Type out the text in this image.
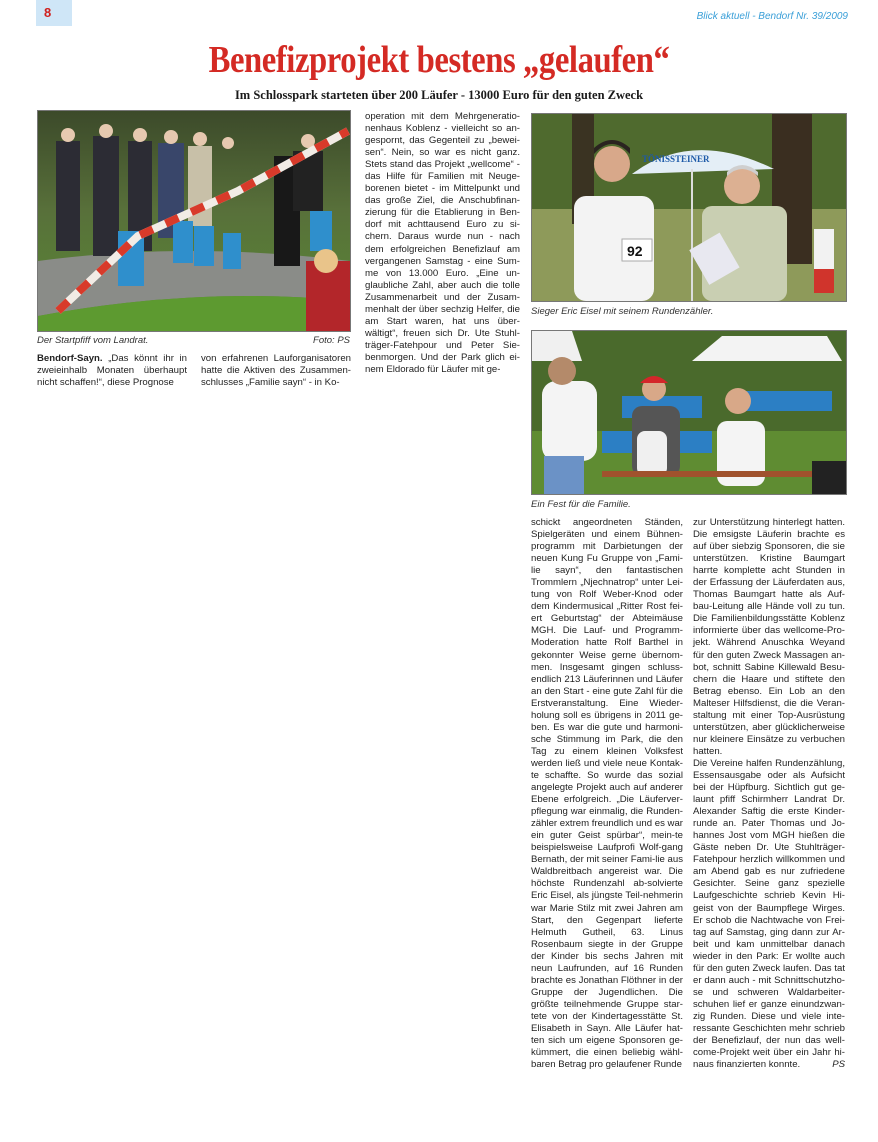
8	Blick aktuell - Bendorf Nr. 39/2009
Benefizprojekt bestens „gelaufen“
Im Schlosspark starteten über 200 Läufer - 13000 Euro für den guten Zweck
Der Startpfiff vom Landrat.	Foto: PS
TÖNISSTEINER
92
Sieger Eric Eisel mit seinem Rundenzähler.
Ein Fest für die Familie.

Bendorf-Sayn. „Das könnt ihr in zweieinhalb Monaten überhaupt nicht schaffen!“, diese Prognose

von erfahrenen Lauforganisatoren hatte die Aktiven des Zusammen-schlusses „Familie sayn“ - in Ko-

operation mit dem Mehrgeneratio-nenhaus Koblenz - vielleicht so an-gespornt, das Gegenteil zu „bewei-sen“. Nein, so war es nicht ganz. Stets stand das Projekt „wellcome“ - das Hilfe für Familien mit Neuge-borenen bietet - im Mittelpunkt und das große Ziel, die Anschubfinan-zierung für die Etablierung in Ben-dorf mit achttausend Euro zu si-chern. Daraus wurde nun - nach dem erfolgreichen Benefizlauf am vergangenen Samstag - eine Sum-me von 13.000 Euro. „Eine un-glaubliche Zahl, aber auch die tolle Zusammenarbeit und der Zusam-menhalt der über sechzig Helfer, die am Start waren, hat uns über-wältigt“, freuen sich Dr. Ute Stuhl-träger-Fatehpour und Peter Sie-benmorgen. Und der Park glich ei-nem Eldorado für Läufer mit ge-

schickt angeordneten Ständen, Spielgeräten und einem Bühnen-programm mit Darbietungen der neuen Kung Fu Gruppe von „Fami-lie sayn“, den fantastischen Trommlern „Njechnatrop“ unter Lei-tung von Rolf Weber-Knod oder dem Kindermusical „Ritter Rost fei-ert Geburtstag“ der Abteimäuse MGH. Die Lauf- und Programm-Moderation hatte Rolf Barthel in gekonnter Weise gerne übernom-men. Insgesamt gingen schluss-endlich 213 Läuferinnen und Läufer an den Start - eine gute Zahl für die Erstveranstaltung. Eine Wieder-holung soll es übrigens in 2011 ge-ben. Es war die gute und harmoni-sche Stimmung im Park, die den Tag zu einem kleinen Volksfest werden ließ und viele neue Kontak-te schaffte. So wurde das sozial angelegte Projekt auch auf anderer Ebene erfolgreich. „Die Läuferver-pflegung war einmalig, die Runden-zähler extrem freundlich und es war ein guter Geist spürbar“, mein-te beispielsweise Laufprofi Wolf-gang Bernath, der mit seiner Fami-lie aus Waldbreitbach angereist war. Die höchste Rundenzahl ab-solvierte Eric Eisel, als jüngste Teil-nehmerin war Marie Stilz mit zwei Jahren am Start, den Gegenpart lieferte Helmuth Gutheil, 63. Linus Rosenbaum siegte in der Gruppe der Kinder bis sechs Jahren mit neun Laufrunden, auf 16 Runden brachte es Jonathan Flöthner in der Gruppe der Jugendlichen. Die größte teilnehmende Gruppe star-tete von der Kindertagesstätte St. Elisabeth in Sayn. Alle Läufer hat-ten sich um eigene Sponsoren ge-kümmert, die einen beliebig wähl-baren Betrag pro gelaufener Runde

zur Unterstützung hinterlegt hatten. Die emsigste Läuferin brachte es auf über siebzig Sponsoren, die sie unterstützen. Kristine Baumgart harrte komplette acht Stunden in der Erfassung der Läuferdaten aus, Thomas Baumgart hatte als Auf-bau-Leitung alle Hände voll zu tun. Die Familienbildungsstätte Koblenz informierte über das wellcome-Pro-jekt. Während Anuschka Weyand für den guten Zweck Massagen an-bot, schnitt Sabine Killewald Besu-chern die Haare und stiftete den Betrag ebenso. Ein Lob an den Malteser Hilfsdienst, die die Veran-staltung mit einer Top-Ausrüstung unterstützen, aber glücklicherweise nur kleinere Einsätze zu verbuchen hatten.

Die Vereine halfen Rundenzählung, Essensausgabe oder als Aufsicht bei der Hüpfburg. Sichtlich gut ge-launt pfiff Schirmherr Landrat Dr. Alexander Saftig die erste Kinder-runde an. Pater Thomas und Jo-hannes Jost vom MGH hießen die Gäste neben Dr. Ute Stuhlträger-Fatehpour herzlich willkommen und am Abend gab es nur zufriedene Gesichter. Seine ganz spezielle Laufgeschichte schrieb Kevin Hi-geist von der Baumpflege Wirges. Er schob die Nachtwache von Frei-tag auf Samstag, ging dann zur Ar-beit und kam unmittelbar danach wieder in den Park: Er wollte auch für den guten Zweck laufen. Das tat er dann auch - mit Schnittschutzho-se und schweren Waldarbeiter-schuhen lief er ganze einundzwan-zig Runden. Diese und viele inte-ressante Geschichten mehr schrieb der Benefizlauf, der nun das well-come-Projekt weit über ein Jahr hi-naus finanzierten konnte.	PS
